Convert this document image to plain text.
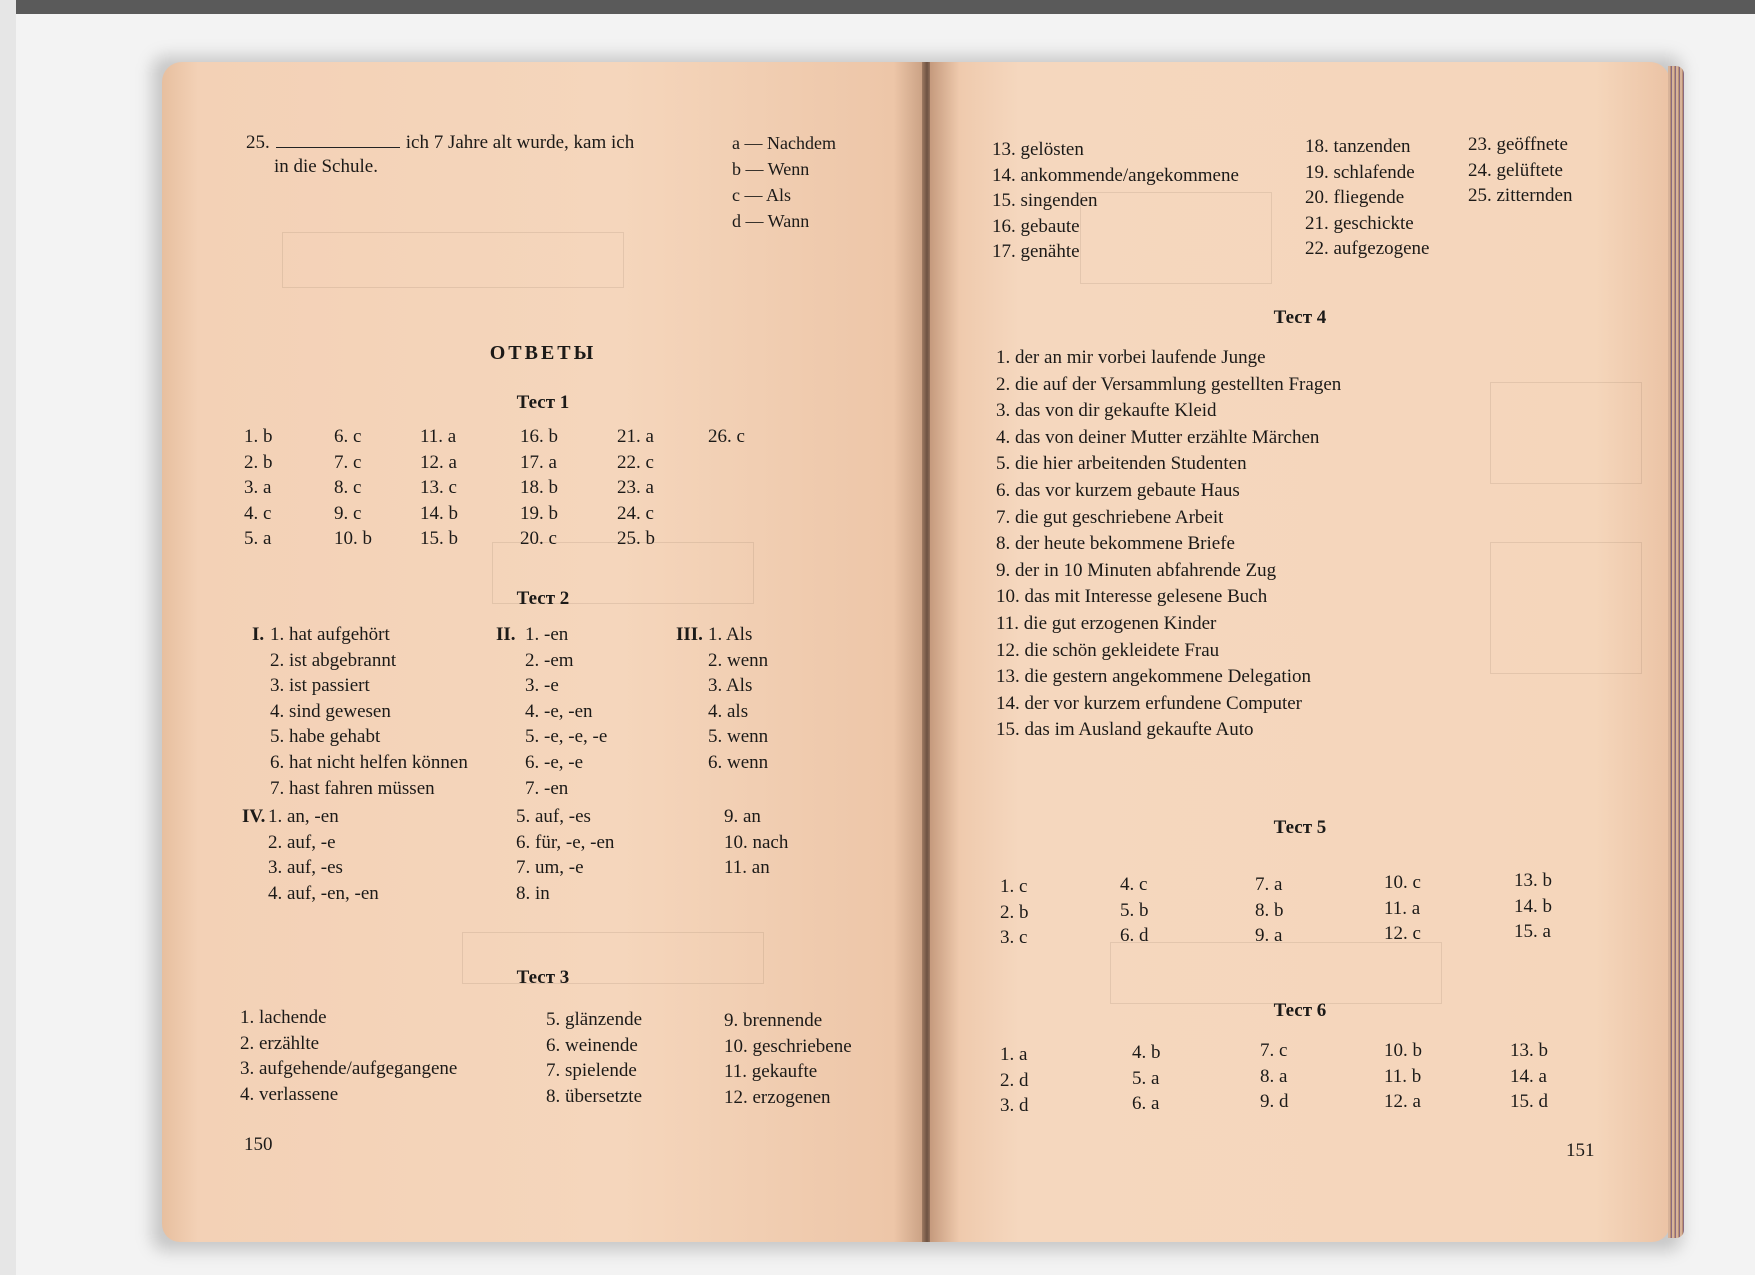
25.	ich 7 Jahre alt wurde, kam ich
in die Schule.
a — Nachdem
b — Wenn
c — Als
d — Wann
ОТВЕТЫ
Тест 1
1. b
2. b
3. a
4. c
5. a
6. c
7. c
8. c
9. c
10. b
11. a
12. a
13. c
14. b
15. b
16. b
17. a
18. b
19. b
20. c
21. a
22. c
23. a
24. c
25. b
26. c
Тест 2
I. 1. hat aufgehört
2. ist abgebrannt
3. ist passiert
4. sind gewesen
5. habe gehabt
6. hat nicht helfen können
7. hast fahren müssen
II. 1. -en
2. -em
3. -e
4. -e, -en
5. -e, -e, -e
6. -e, -e
7. -en
III. 1. Als
2. wenn
3. Als
4. als
5. wenn
6. wenn
IV. 1. an, -en
2. auf, -e
3. auf, -es
4. auf, -en, -en
5. auf, -es
6. für, -e, -en
7. um, -e
8. in
9. an
10. nach
11. an
Тест 3
1. lachende
2. erzählte
3. aufgehende/aufgegangene
4. verlassene
5. glänzende
6. weinende
7. spielende
8. übersetzte
9. brennende
10. geschriebene
11. gekaufte
12. erzogenen
150
13. gelösten
14. ankommende/angekommene
15. singenden
16. gebaute
17. genähte
18. tanzenden
19. schlafende
20. fliegende
21. geschickte
22. aufgezogene
23. geöffnete
24. gelüftete
25. zitternden
Тест 4
1. der an mir vorbei laufende Junge
2. die auf der Versammlung gestellten Fragen
3. das von dir gekaufte Kleid
4. das von deiner Mutter erzählte Märchen
5. die hier arbeitenden Studenten
6. das vor kurzem gebaute Haus
7. die gut geschriebene Arbeit
8. der heute bekommene Briefe
9. der in 10 Minuten abfahrende Zug
10. das mit Interesse gelesene Buch
11. die gut erzogenen Kinder
12. die schön gekleidete Frau
13. die gestern angekommene Delegation
14. der vor kurzem erfundene Computer
15. das im Ausland gekaufte Auto
Тест 5
1. c
2. b
3. c
4. c
5. b
6. d
7. a
8. b
9. a
10. c
11. a
12. c
13. b
14. b
15. a
Тест 6
1. a
2. d
3. d
4. b
5. a
6. a
7. c
8. a
9. d
10. b
11. b
12. a
13. b
14. a
15. d
151
